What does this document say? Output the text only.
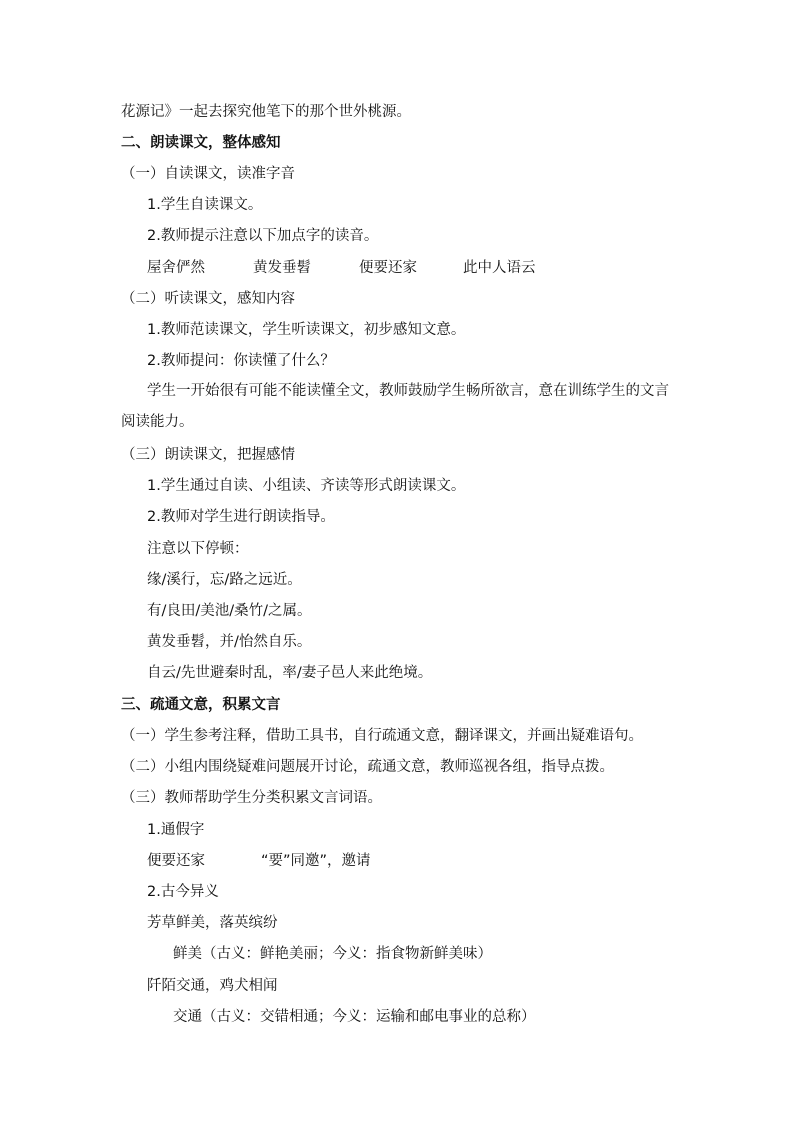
花源记》一起去探究他笔下的那个世外桃源。
二、朗读课文，整体感知
（一）自读课文，读准字音
1.学生自读课文。
2.教师提示注意以下加点字的读音。
屋舍俨然	黄发垂髫	便要还家	此中人语云
（二）听读课文，感知内容
1.教师范读课文，学生听读课文，初步感知文意。
2.教师提问：你读懂了什么？
学生一开始很有可能不能读懂全文，教师鼓励学生畅所欲言，意在训练学生的文言阅读能力。
（三）朗读课文，把握感情
1.学生通过自读、小组读、齐读等形式朗读课文。
2.教师对学生进行朗读指导。
注意以下停顿：
缘/溪行，忘/路之远近。
有/良田/美池/桑竹/之属。
黄发垂髫，并/怡然自乐。
自云/先世避秦时乱，率/妻子邑人来此绝境。
三、疏通文意，积累文言
（一）学生参考注释，借助工具书，自行疏通文意，翻译课文，并画出疑难语句。
（二）小组内围绕疑难问题展开讨论，疏通文意，教师巡视各组，指导点拨。
（三）教师帮助学生分类积累文言词语。
1.通假字
便要还家	“要”同邀”，邀请
2.古今异义
芳草鲜美，落英缤纷
鲜美（古义：鲜艳美丽；今义：指食物新鲜美味）
阡陌交通，鸡犬相闻
交通（古义：交错相通；今义：运输和邮电事业的总称）
